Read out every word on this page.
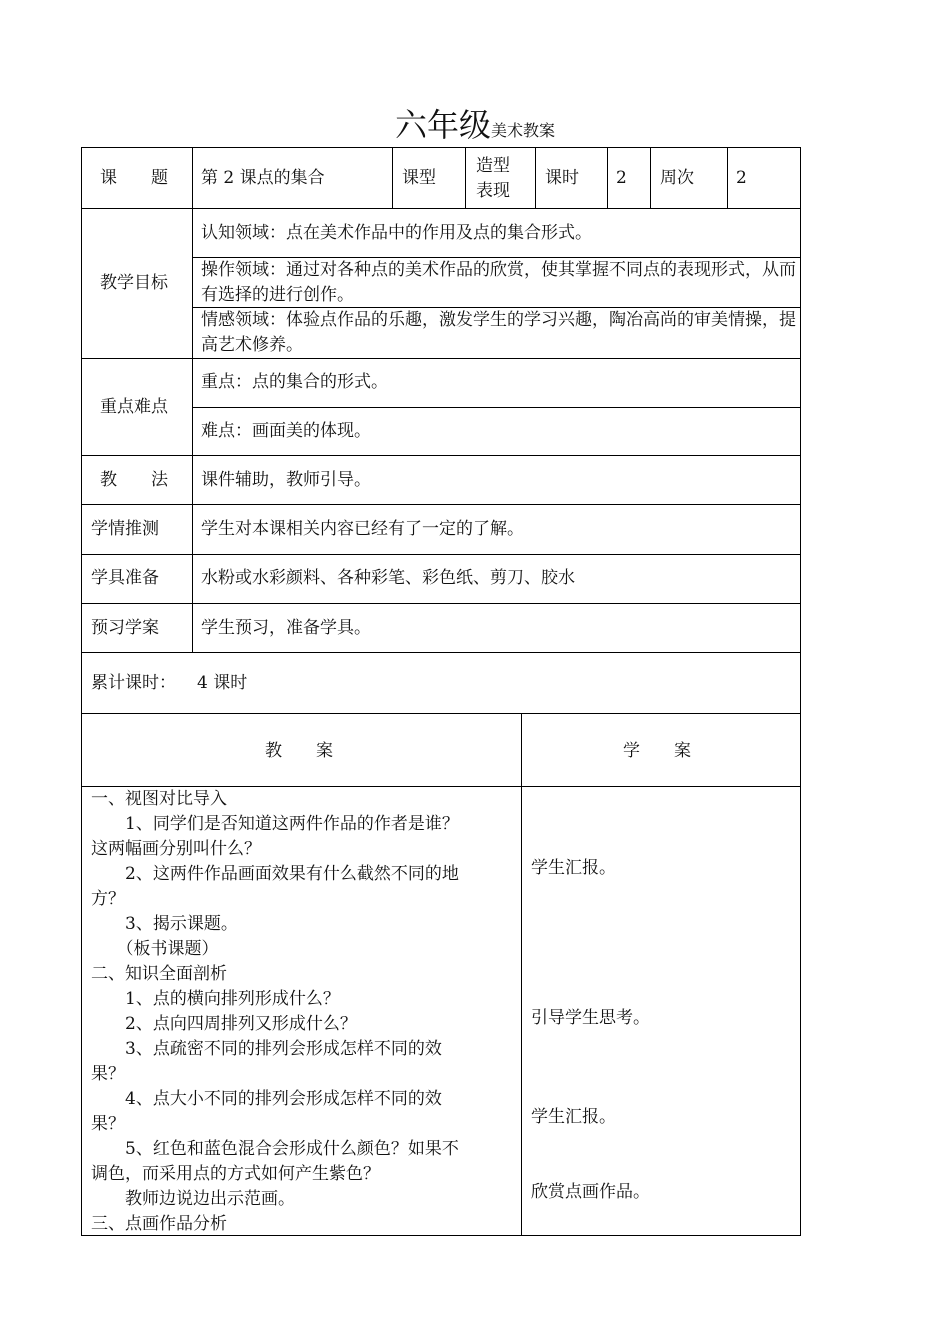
六年级美术教案
课　　题 第 2 课点的集合	课型
造型
表现
课时 2 周次 2
教学目标
认知领域：点在美术作品中的作用及点的集合形式。
操作领域：通过对各种点的美术作品的欣赏，使其掌握不同点的表现形式，从而有选择的进行创作。
情感领域：体验点作品的乐趣，激发学生的学习兴趣，陶冶高尚的审美情操，提高艺术修养。
重点难点
重点：点的集合的形式。
难点：画面美的体现。
教　　法 课件辅助，教师引导。
学情推测 学生对本课相关内容已经有了一定的了解。
学具准备 水粉或水彩颜料、各种彩笔、彩色纸、剪刀、胶水
预习学案 学生预习，准备学具。
累计课时： 4 课时
教　　案	学　　案
一、视图对比导入
　　1、同学们是否知道这两件作品的作者是谁？
这两幅画分别叫什么？
　　2、这两件作品画面效果有什么截然不同的地
方？
　　3、揭示课题。
　　（板书课题）
二、知识全面剖析
　　1、点的横向排列形成什么？
　　2、点向四周排列又形成什么？
　　3、点疏密不同的排列会形成怎样不同的效
果？
　　4、点大小不同的排列会形成怎样不同的效
果？
　　5、红色和蓝色混合会形成什么颜色？如果不
调色，而采用点的方式如何产生紫色？
　　教师边说边出示范画。
三、点画作品分析
学生汇报。
引导学生思考。
学生汇报。
欣赏点画作品。
